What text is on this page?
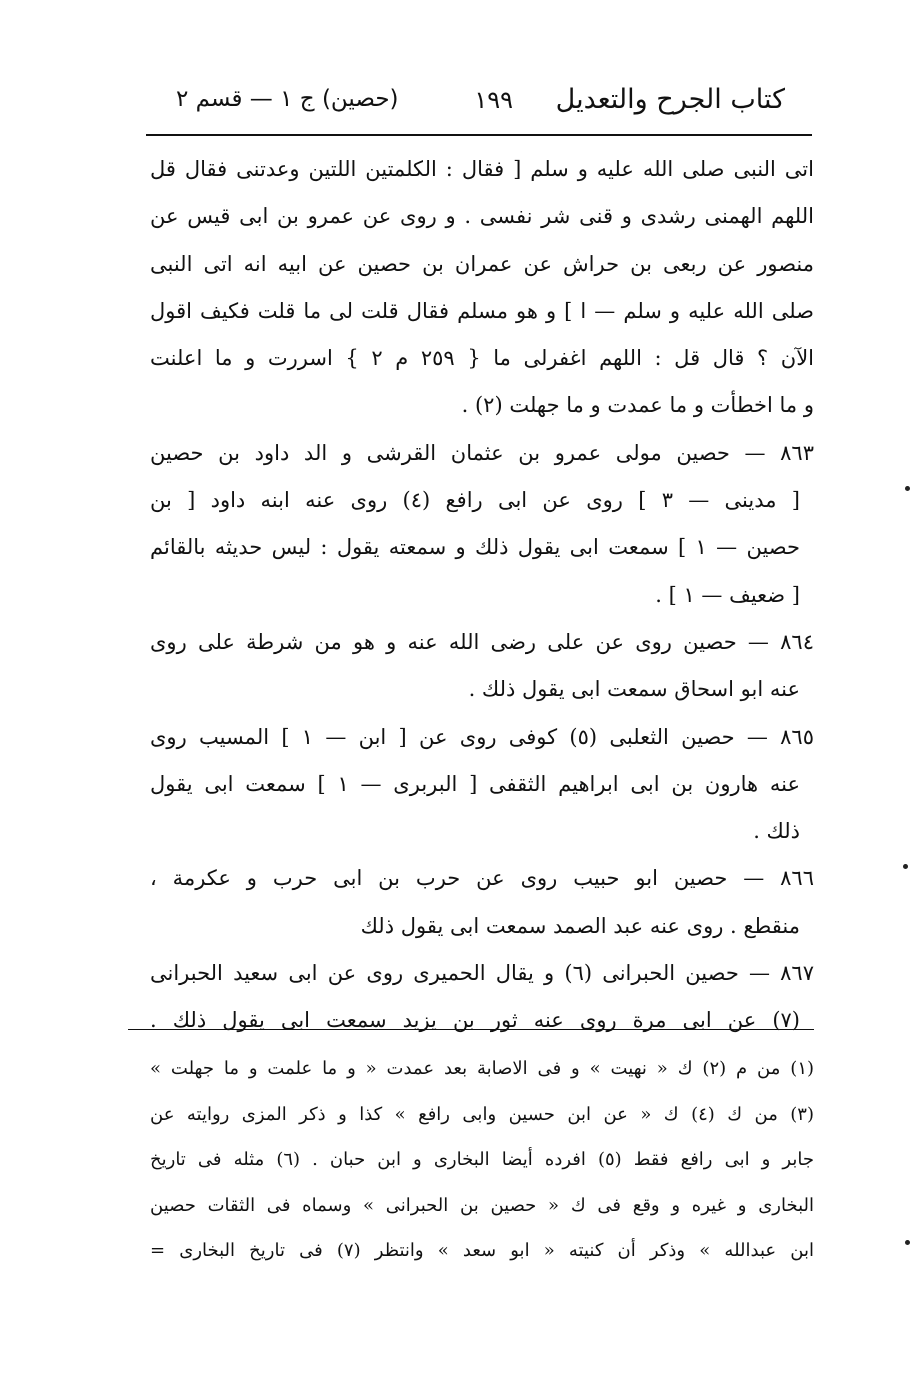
كتاب الجرح والتعديل
١٩٩
(حصين) ج ١ — قسم ٢
اتى النبى صلى الله عليه و سلم [ فقال : الكلمتين اللتين وعدتنى فقال قل
اللهم الهمنى رشدى و قنى شر نفسى . و روى عن عمرو بن ابى قيس عن
منصور عن ربعى بن حراش عن عمران بن حصين عن ابيه انه اتى النبى
صلى الله عليه و سلم — ا ] و هو مسلم فقال قلت لى ما قلت فكيف اقول
الآن ؟ قال قل : اللهم اغفرلى ما { ٢٥٩ م ٢ } اسررت و ما اعلنت
و ما اخطأت و ما عمدت و ما جهلت (٢) .
٨٦٣ — حصين مولى عمرو بن عثمان القرشى و الد داود بن حصين
[ مدينى — ٣ ] روى عن ابى رافع (٤) روى عنه ابنه داود [ بن
حصين — ١ ] سمعت ابى يقول ذلك و سمعته يقول : ليس حديثه بالقائم
[ ضعيف — ١ ] .
٨٦٤ — حصين روى عن على رضى الله عنه و هو من شرطة على روى
عنه ابو اسحاق سمعت ابى يقول ذلك .
٨٦٥ — حصين الثعلبى (٥) كوفى روى عن [ ابن — ١ ] المسيب روى
عنه هارون بن ابى ابراهيم الثقفى [ البربرى — ١ ] سمعت ابى يقول
ذلك .
٨٦٦ — حصين ابو حبيب روى عن حرب بن ابى حرب و عكرمة ،
منقطع . روى عنه عبد الصمد سمعت ابى يقول ذلك
٨٦٧ — حصين الحبرانى (٦) و يقال الحميرى روى عن ابى سعيد الحبرانى
(٧) عن ابى مرة روى عنه ثور بن يزيد سمعت ابى يقول ذلك .
(١) من م (٢) ك « نهيت » و فى الاصابة بعد عمدت « و ما علمت و ما جهلت »
(٣) من ك (٤) ك « عن ابن حسين وابى رافع » كذا و ذكر المزى روايته عن
جابر و ابى رافع فقط (٥) افرده أيضا البخارى و ابن حبان . (٦) مثله فى تاريخ
البخارى و غيره و وقع فى ك « حصين بن الحبرانى » وسماه فى الثقات حصين
ابن عبدالله » وذكر أن كنيته « ابو سعد » وانتظر (٧) فى تاريخ البخارى =
